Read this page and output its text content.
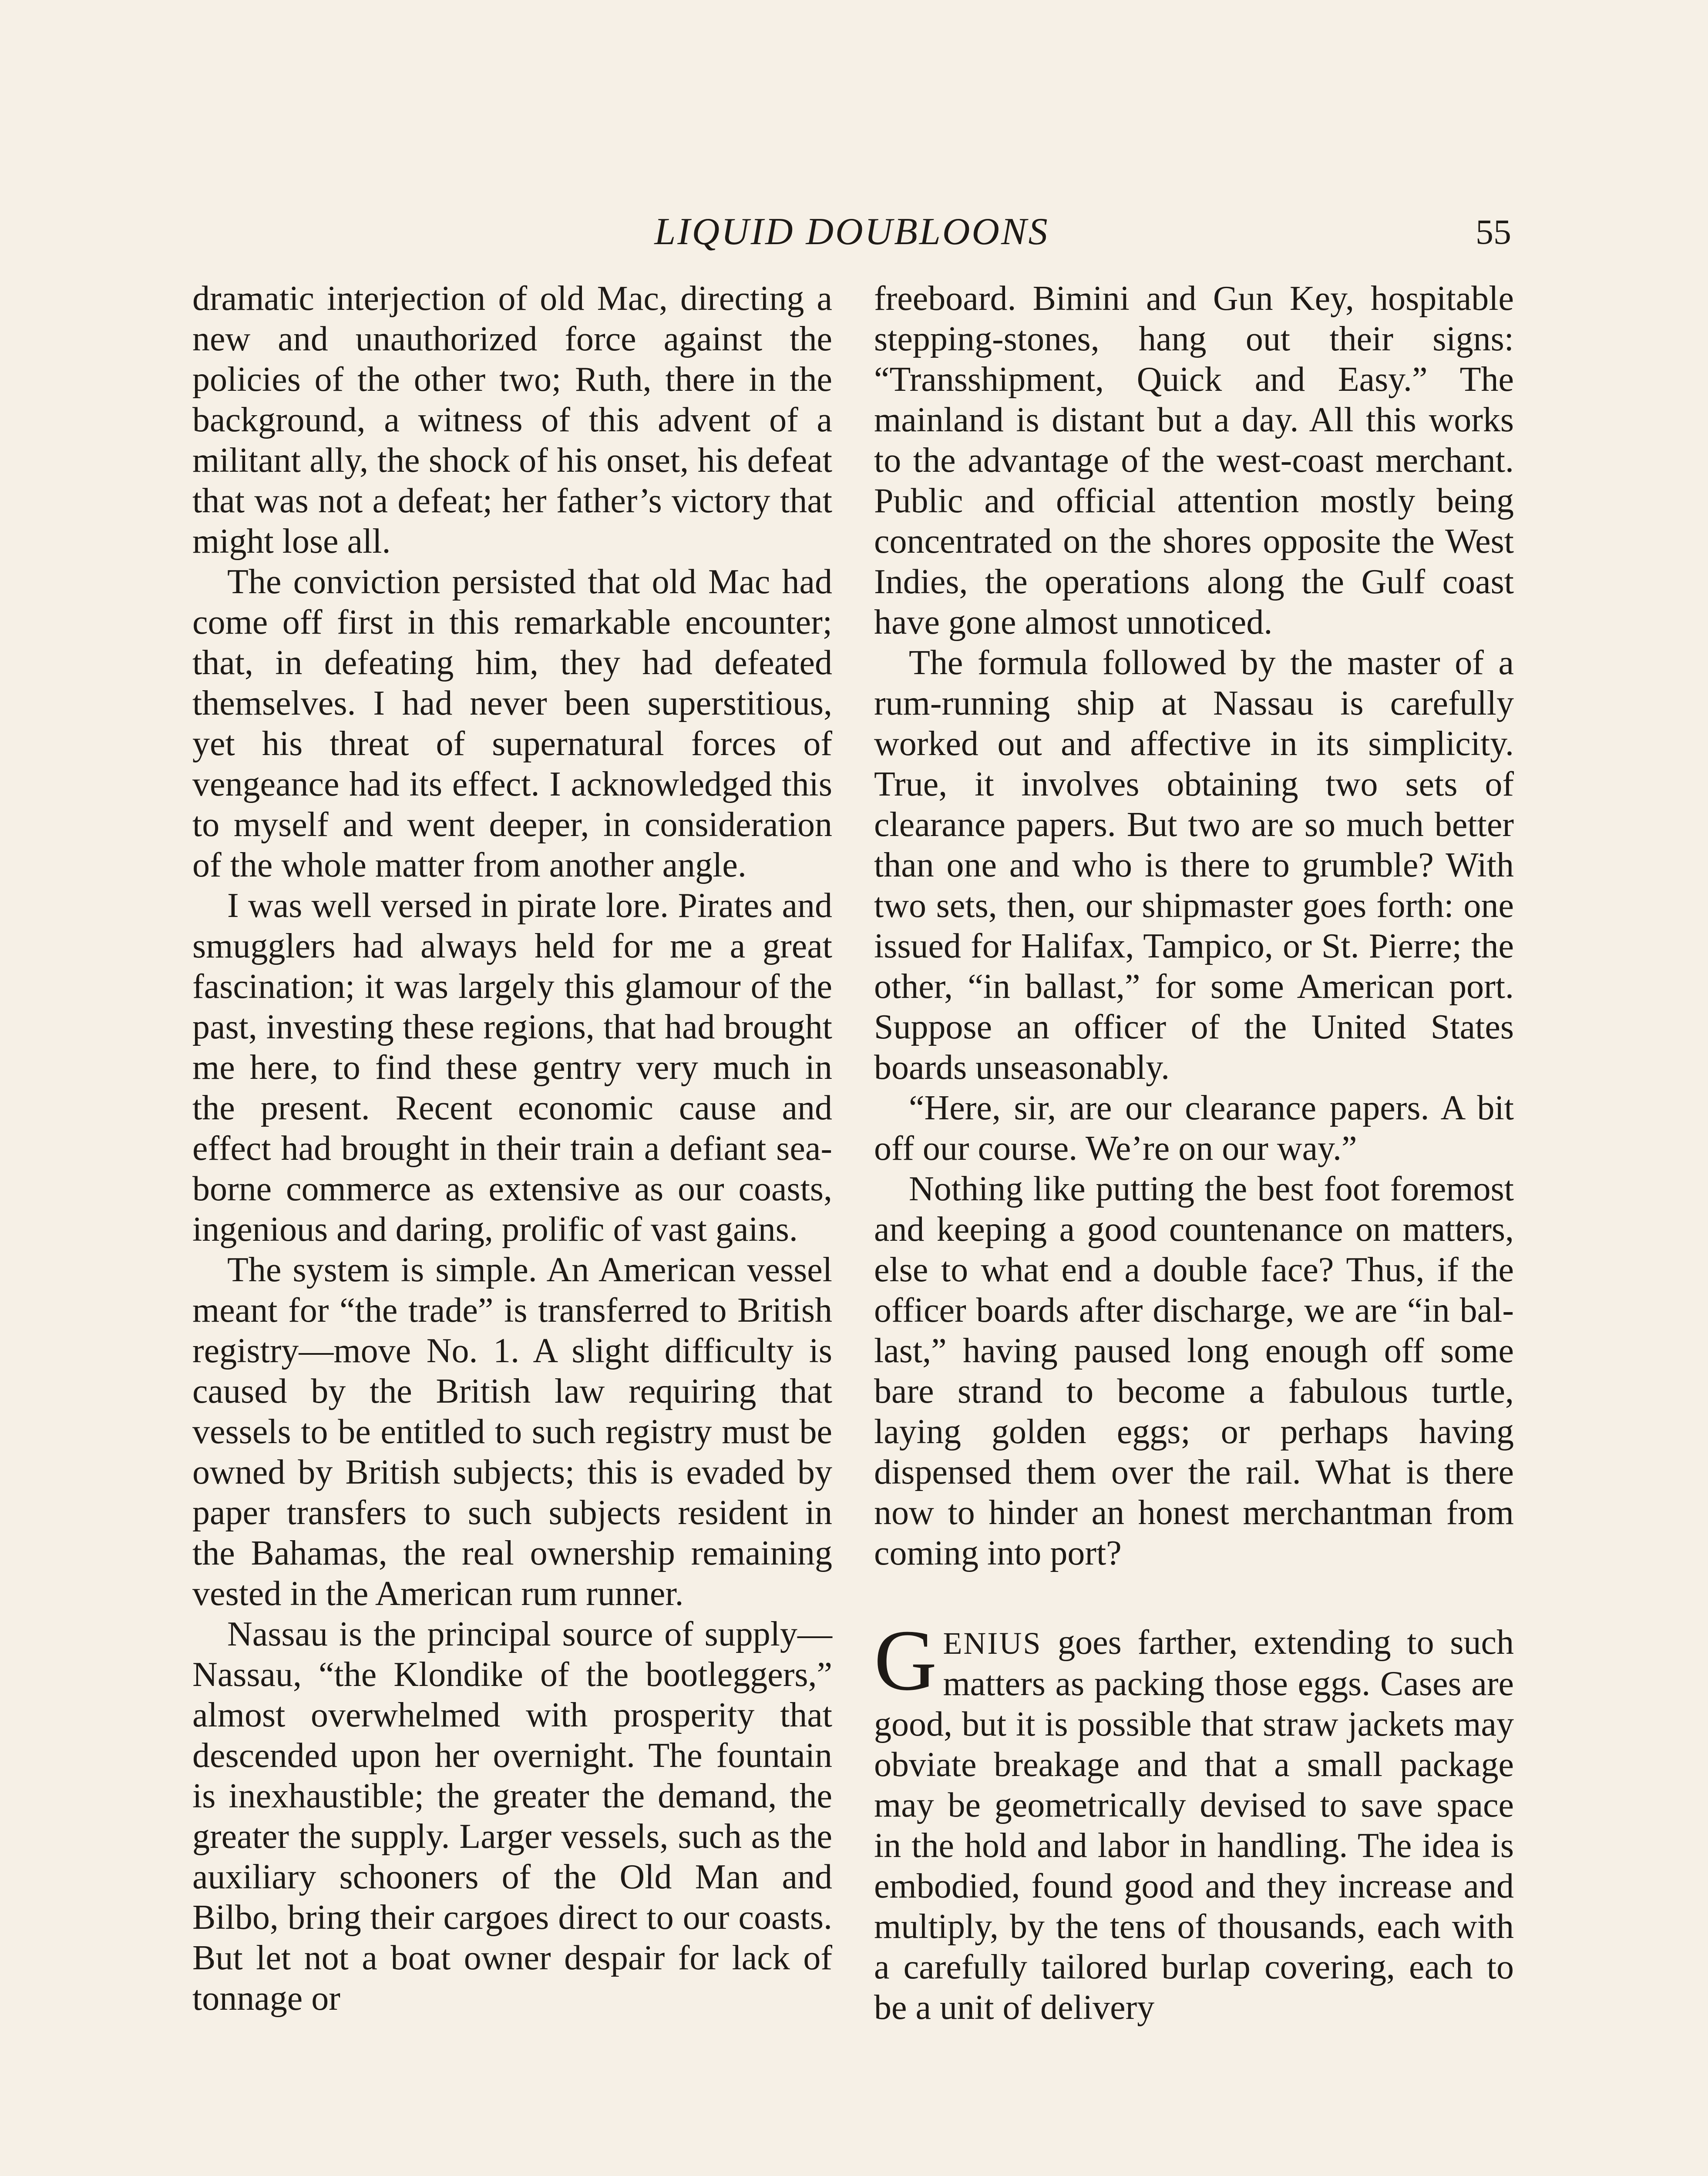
LIQUID DOUBLOONS	55

dramatic interjection of old Mac, directing a new and unauthorized force against the policies of the other two; Ruth, there in the background, a witness of this advent of a militant ally, the shock of his onset, his defeat that was not a defeat; her father’s victory that might lose all.

The conviction persisted that old Mac had come off first in this remarkable encounter; that, in defeating him, they had defeated themselves. I had never been superstitious, yet his threat of supernatural forces of vengeance had its effect. I acknowledged this to myself and went deeper, in consideration of the whole matter from another angle.

I was well versed in pirate lore. Pirates and smugglers had always held for me a great fascination; it was largely this glamour of the past, investing these regions, that had brought me here, to find these gentry very much in the present. Recent economic cause and effect had brought in their train a defiant sea-borne commerce as extensive as our coasts, ingenious and daring, prolific of vast gains.

The system is simple. An American vessel meant for “the trade” is transferred to British registry—move No. 1. A slight difficulty is caused by the British law requiring that vessels to be entitled to such registry must be owned by British subjects; this is evaded by paper transfers to such subjects resident in the Bahamas, the real ownership remaining vested in the American rum runner.

Nassau is the principal source of supply—Nassau, “the Klondike of the bootleggers,” almost overwhelmed with prosperity that descended upon her overnight. The fountain is inexhaustible; the greater the demand, the greater the supply. Larger vessels, such as the auxiliary schooners of the Old Man and Bilbo, bring their cargoes direct to our coasts. But let not a boat owner despair for lack of tonnage or

freeboard. Bimini and Gun Key, hospitable stepping-stones, hang out their signs: “Transshipment, Quick and Easy.” The mainland is distant but a day. All this works to the advantage of the west-coast merchant. Public and official attention mostly being concentrated on the shores opposite the West Indies, the operations along the Gulf coast have gone almost unnoticed.

The formula followed by the master of a rum-running ship at Nassau is carefully worked out and affective in its simplicity. True, it involves obtaining two sets of clearance papers. But two are so much better than one and who is there to grumble? With two sets, then, our shipmaster goes forth: one issued for Halifax, Tampico, or St. Pierre; the other, “in ballast,” for some American port. Suppose an officer of the United States boards unseasonably.

“Here, sir, are our clearance papers. A bit off our course. We’re on our way.”

Nothing like putting the best foot foremost and keeping a good countenance on matters, else to what end a double face? Thus, if the officer boards after discharge, we are “in ballast,” having paused long enough off some bare strand to become a fabulous turtle, laying golden eggs; or perhaps having dispensed them over the rail. What is there now to hinder an honest merchantman from coming into port?

GENIUS goes farther, extending to such matters as packing those eggs. Cases are good, but it is possible that straw jackets may obviate breakage and that a small package may be geometrically devised to save space in the hold and labor in handling. The idea is embodied, found good and they increase and multiply, by the tens of thousands, each with a carefully tailored burlap covering, each to be a unit of delivery
